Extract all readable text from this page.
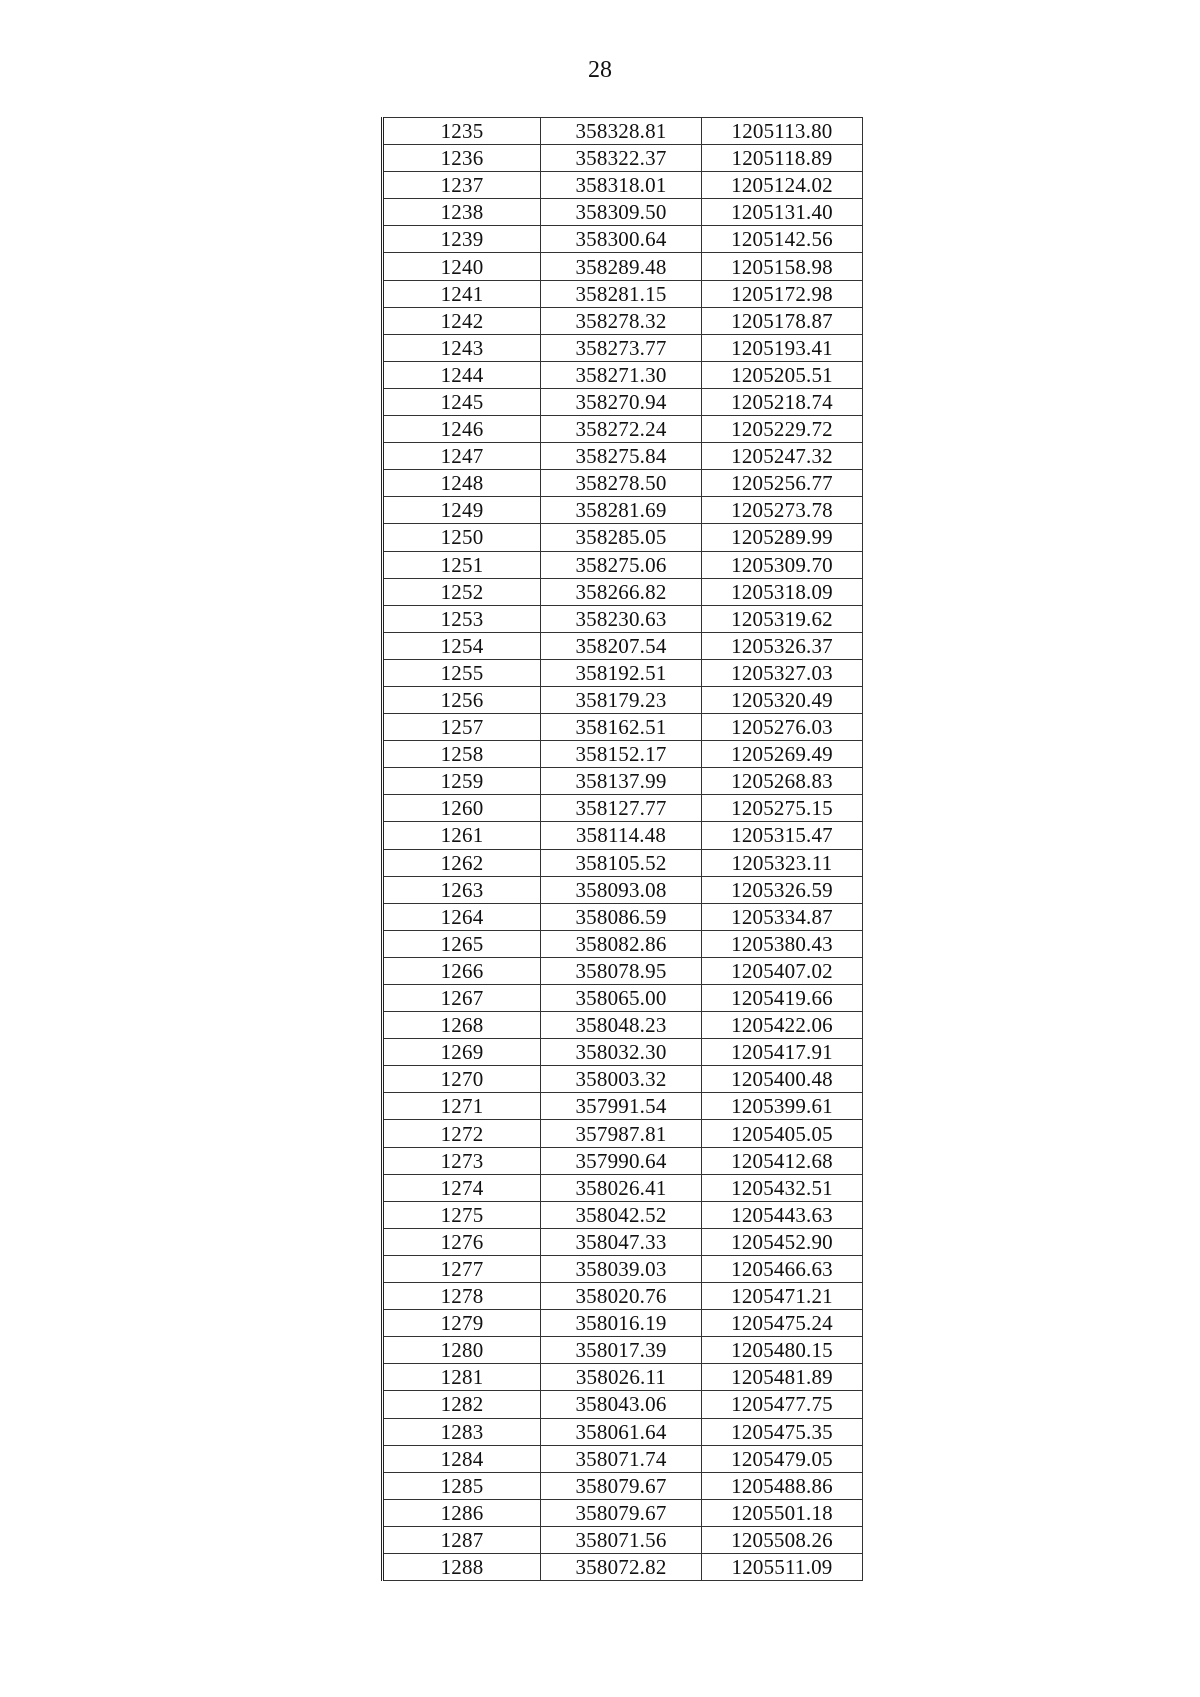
28
1235	358328.81	1205113.80
1236	358322.37	1205118.89
1237	358318.01	1205124.02
1238	358309.50	1205131.40
1239	358300.64	1205142.56
1240	358289.48	1205158.98
1241	358281.15	1205172.98
1242	358278.32	1205178.87
1243	358273.77	1205193.41
1244	358271.30	1205205.51
1245	358270.94	1205218.74
1246	358272.24	1205229.72
1247	358275.84	1205247.32
1248	358278.50	1205256.77
1249	358281.69	1205273.78
1250	358285.05	1205289.99
1251	358275.06	1205309.70
1252	358266.82	1205318.09
1253	358230.63	1205319.62
1254	358207.54	1205326.37
1255	358192.51	1205327.03
1256	358179.23	1205320.49
1257	358162.51	1205276.03
1258	358152.17	1205269.49
1259	358137.99	1205268.83
1260	358127.77	1205275.15
1261	358114.48	1205315.47
1262	358105.52	1205323.11
1263	358093.08	1205326.59
1264	358086.59	1205334.87
1265	358082.86	1205380.43
1266	358078.95	1205407.02
1267	358065.00	1205419.66
1268	358048.23	1205422.06
1269	358032.30	1205417.91
1270	358003.32	1205400.48
1271	357991.54	1205399.61
1272	357987.81	1205405.05
1273	357990.64	1205412.68
1274	358026.41	1205432.51
1275	358042.52	1205443.63
1276	358047.33	1205452.90
1277	358039.03	1205466.63
1278	358020.76	1205471.21
1279	358016.19	1205475.24
1280	358017.39	1205480.15
1281	358026.11	1205481.89
1282	358043.06	1205477.75
1283	358061.64	1205475.35
1284	358071.74	1205479.05
1285	358079.67	1205488.86
1286	358079.67	1205501.18
1287	358071.56	1205508.26
1288	358072.82	1205511.09
